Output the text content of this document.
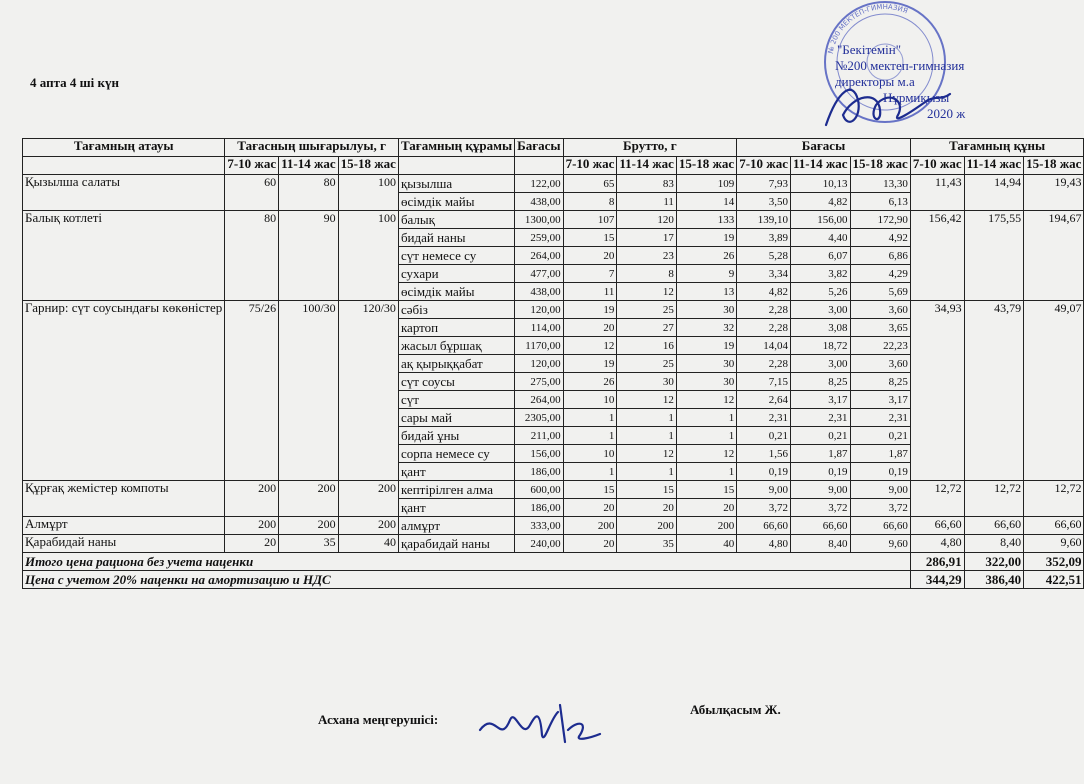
4 апта 4 ші күн
№ 200 МЕКТЕП-ГИМНАЗИЯ
"Бекітемін"
№200 мектеп-гимназия
директоры м.а
Нұрмиқызы
2020 ж
Тағамның атауы	Тағасның шығарылуы, г			Тағамның құрамы	Бағасы	Брутто, г			Бағасы			Тағамның құны		
	7-10 жас	11-14 жас	15-18 жас			7-10 жас	11-14 жас	15-18 жас	7-10 жас	11-14 жас	15-18 жас	7-10 жас	11-14 жас	15-18 жас
Қызылша салаты	60	80	100	қызылша	122,00	65	83	109	7,93	10,13	13,30	11,43	14,94	19,43
				өсімдік майы	438,00	8	11	14	3,50	4,82	6,13			
Балық котлеті	80	90	100	балық	1300,00	107	120	133	139,10	156,00	172,90	156,42	175,55	194,67
				бидай наны	259,00	15	17	19	3,89	4,40	4,92			
				сүт немесе су	264,00	20	23	26	5,28	6,07	6,86			
				сухари	477,00	7	8	9	3,34	3,82	4,29			
				өсімдік майы	438,00	11	12	13	4,82	5,26	5,69			
Гарнир: сүт соусындағы көкөністер	75/26	100/30	120/30	сәбіз	120,00	19	25	30	2,28	3,00	3,60	34,93	43,79	49,07
				картоп	114,00	20	27	32	2,28	3,08	3,65			
				жасыл бұршақ	1170,00	12	16	19	14,04	18,72	22,23			
				ақ қырыққабат	120,00	19	25	30	2,28	3,00	3,60			
				сүт соусы	275,00	26	30	30	7,15	8,25	8,25			
				сүт	264,00	10	12	12	2,64	3,17	3,17			
				сары май	2305,00	1	1	1	2,31	2,31	2,31			
				бидай ұны	211,00	1	1	1	0,21	0,21	0,21			
				сорпа немесе су	156,00	10	12	12	1,56	1,87	1,87			
				қант	186,00	1	1	1	0,19	0,19	0,19			
Құрғақ жемістер компоты	200	200	200	кептірілген алма	600,00	15	15	15	9,00	9,00	9,00	12,72	12,72	12,72
				қант	186,00	20	20	20	3,72	3,72	3,72			
Алмұрт	200	200	200	алмұрт	333,00	200	200	200	66,60	66,60	66,60	66,60	66,60	66,60
Қарабидай наны	20	35	40	қарабидай наны	240,00	20	35	40	4,80	8,40	9,60	4,80	8,40	9,60
Итого цена рациона без учета наценки												286,91	322,00	352,09
Цена с учетом 20% наценки на амортизацию и НДС												344,29	386,40	422,51
Асхана меңгерушісі:
Абылқасым Ж.
